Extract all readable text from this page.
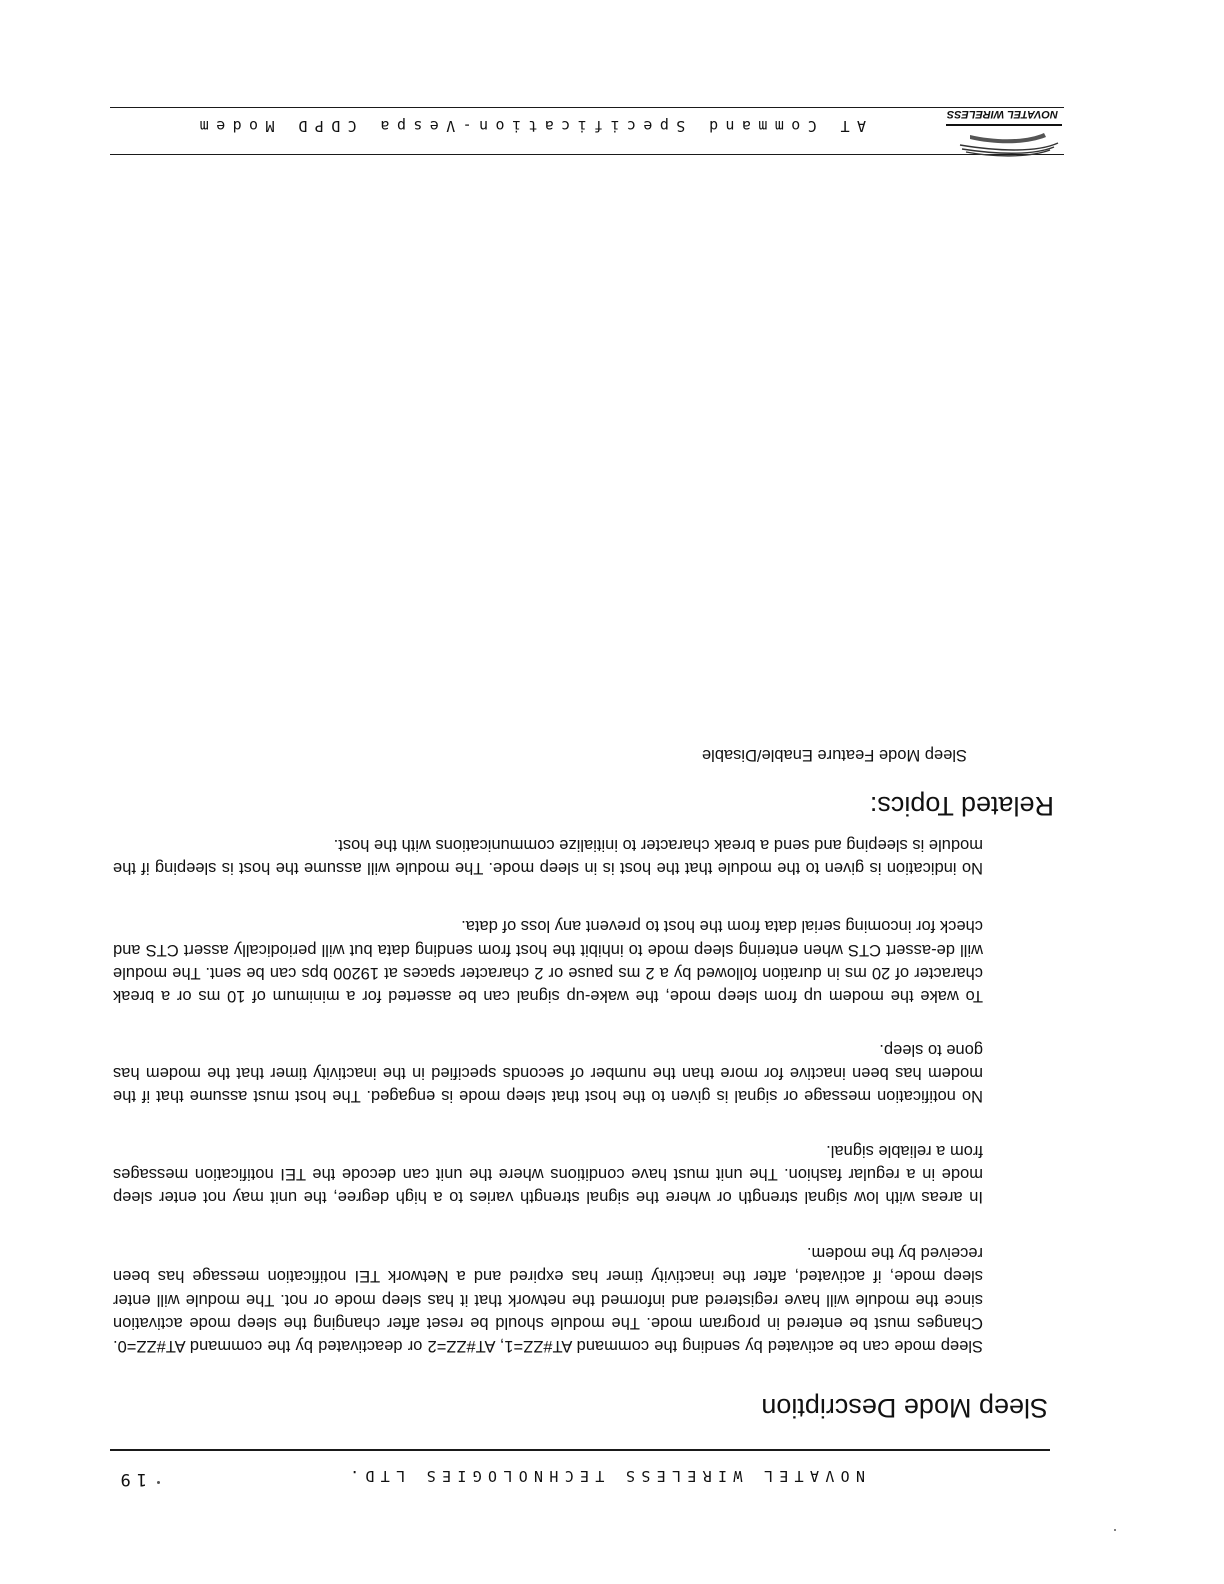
NOVATEL WIRELESS TECHNOLOGIES LTD.
19
Sleep Mode Description

Sleep mode can be activated by sending the command AT#ZZ=1, AT#ZZ=2 or deactivated by the command AT#ZZ=0. Changes must be entered in program mode. The module should be reset after changing the sleep mode activation since the module will have registered and informed the network that it has sleep mode or not. The module will enter sleep mode, if activated, after the inactivity timer has expired and a Network TEI notification message has been received by the modem.

In areas with low signal strength or where the signal strength varies to a high degree, the unit may not enter sleep mode in a regular fashion. The unit must have conditions where the unit can decode the TEI notification messages from a reliable signal.

No notification message or signal is given to the host that sleep mode is engaged. The host must assume that if the modem has been inactive for more than the number of seconds specified in the inactivity timer that the modem has gone to sleep.

To wake the modem up from sleep mode, the wake-up signal can be asserted for a minimum of 10 ms or a break character of 20 ms in duration followed by a 2 ms pause or 2 character spaces at 19200 bps can be sent. The module will de-assert CTS when entering sleep mode to inhibit the host from sending data but will periodically assert CTS and check for incoming serial data from the host to prevent any loss of data.

No indication is given to the module that the host is in sleep mode. The module will assume the host is sleeping if the module is sleeping and send a break character to initialize communications with the host.

Related Topics:
Sleep Mode Feature Enable/Disable
AT Command Specification-Vespa CDPD Modem
NOVATEL WIRELESS
